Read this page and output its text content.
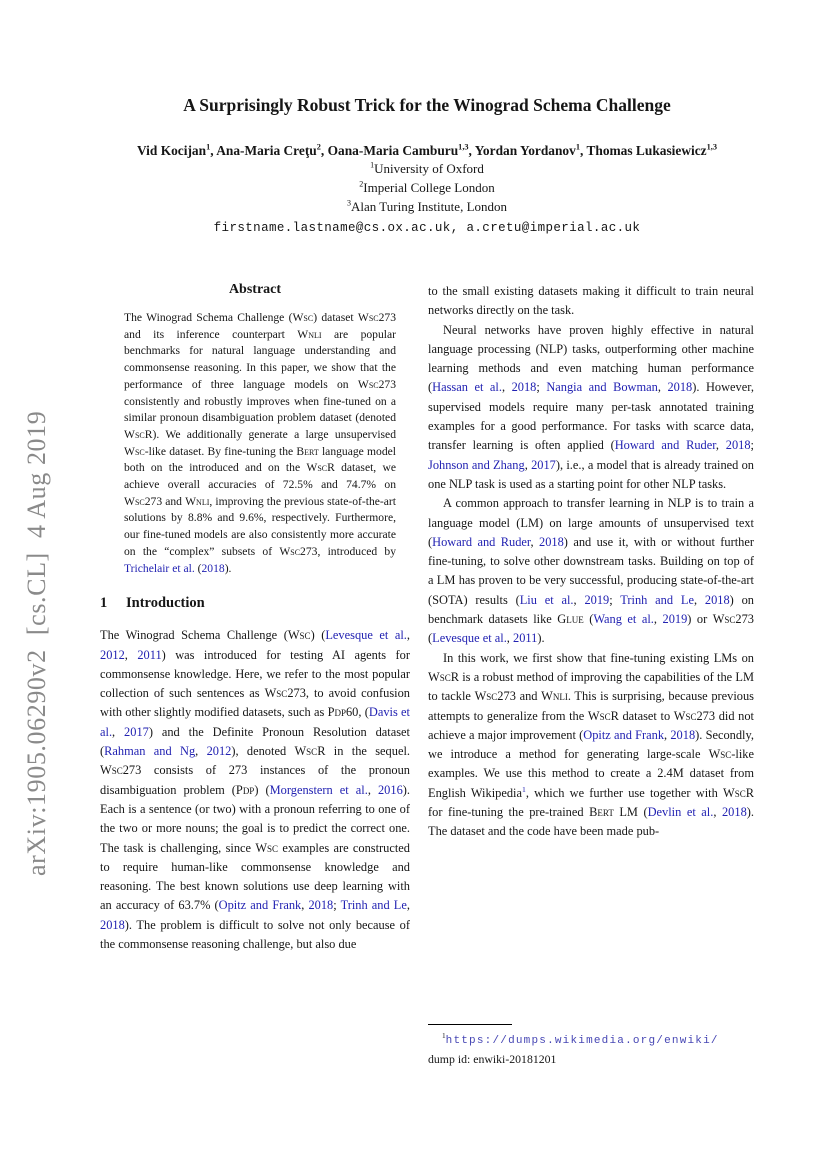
arXiv:1905.06290v2  [cs.CL]  4 Aug 2019
A Surprisingly Robust Trick for the Winograd Schema Challenge
Vid Kocijan$^1$, Ana-Maria Creţu$^2$, Oana-Maria Camburu$^{1,3}$, Yordan Yordanov$^1$, Thomas Lukasiewicz$^{1,3}$
$^1$University of Oxford
$^2$Imperial College London
$^3$Alan Turing Institute, London
firstname.lastname@cs.ox.ac.uk, a.cretu@imperial.ac.uk
Abstract
The Winograd Schema Challenge (Wsc) dataset Wsc273 and its inference counterpart Wnli are popular benchmarks for natural language understanding and commonsense reasoning. In this paper, we show that the performance of three language models on Wsc273 consistently and robustly improves when fine-tuned on a similar pronoun disambiguation problem dataset (denoted WscR). We additionally generate a large unsupervised Wsc-like dataset. By fine-tuning the Bert language model both on the introduced and on the WscR dataset, we achieve overall accuracies of 72.5% and 74.7% on Wsc273 and Wnli, improving the previous state-of-the-art solutions by 8.8% and 9.6%, respectively. Furthermore, our fine-tuned models are also consistently more accurate on the “complex” subsets of Wsc273, introduced by Trichelair et al. (2018).
1 Introduction

The Winograd Schema Challenge (Wsc) (Levesque et al., 2012, 2011) was introduced for testing AI agents for commonsense knowledge. Here, we refer to the most popular collection of such sentences as Wsc273, to avoid confusion with other slightly modified datasets, such as Pdp60, (Davis et al., 2017) and the Definite Pronoun Resolution dataset (Rahman and Ng, 2012), denoted WscR in the sequel. Wsc273 consists of 273 instances of the pronoun disambiguation problem (Pdp) (Morgenstern et al., 2016). Each is a sentence (or two) with a pronoun referring to one of the two or more nouns; the goal is to predict the correct one. The task is challenging, since Wsc examples are constructed to require human-like commonsense knowledge and reasoning. The best known solutions use deep learning with an accuracy of 63.7% (Opitz and Frank, 2018; Trinh and Le, 2018). The problem is difficult to solve not only because of the commonsense reasoning challenge, but also due

to the small existing datasets making it difficult to train neural networks directly on the task.

Neural networks have proven highly effective in natural language processing (NLP) tasks, outperforming other machine learning methods and even matching human performance (Hassan et al., 2018; Nangia and Bowman, 2018). However, supervised models require many per-task annotated training examples for a good performance. For tasks with scarce data, transfer learning is often applied (Howard and Ruder, 2018; Johnson and Zhang, 2017), i.e., a model that is already trained on one NLP task is used as a starting point for other NLP tasks.

A common approach to transfer learning in NLP is to train a language model (LM) on large amounts of unsupervised text (Howard and Ruder, 2018) and use it, with or without further fine-tuning, to solve other downstream tasks. Building on top of a LM has proven to be very successful, producing state-of-the-art (SOTA) results (Liu et al., 2019; Trinh and Le, 2018) on benchmark datasets like Glue (Wang et al., 2019) or Wsc273 (Levesque et al., 2011).

In this work, we first show that fine-tuning existing LMs on WscR is a robust method of improving the capabilities of the LM to tackle Wsc273 and Wnli. This is surprising, because previous attempts to generalize from the WscR dataset to Wsc273 did not achieve a major improvement (Opitz and Frank, 2018). Secondly, we introduce a method for generating large-scale Wsc-like examples. We use this method to create a 2.4M dataset from English Wikipedia$^1$, which we further use together with WscR for fine-tuning the pre-trained Bert LM (Devlin et al., 2018). The dataset and the code have been made pub-

$^1$https://dumps.wikimedia.org/enwiki/
dump id: enwiki-20181201
